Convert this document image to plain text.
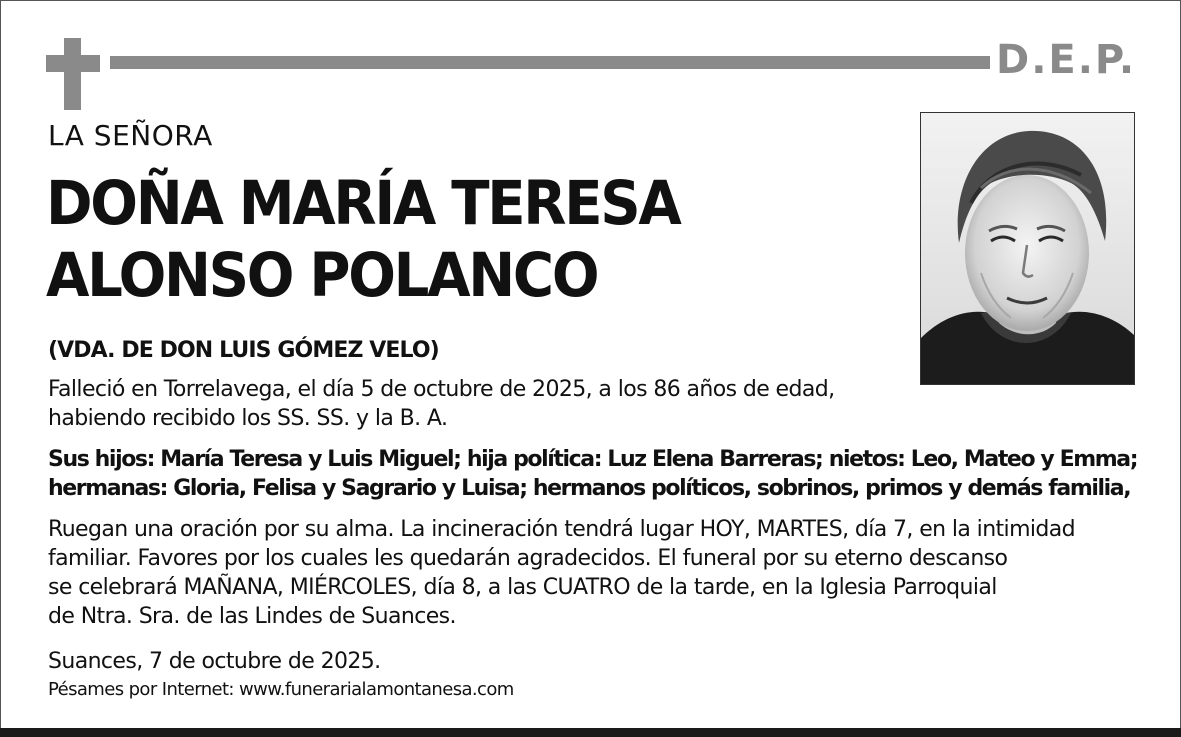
D.E.P.
LA SEÑORA
DOÑA MARÍA TERESA
ALONSO POLANCO
(VDA. DE DON LUIS GÓMEZ VELO)
Falleció en Torrelavega, el día 5 de octubre de 2025, a los 86 años de edad,
habiendo recibido los SS. SS. y la B. A.
Sus hijos: María Teresa y Luis Miguel; hija política: Luz Elena Barreras; nietos: Leo, Mateo y Emma;
hermanas: Gloria, Felisa y Sagrario y Luisa; hermanos políticos, sobrinos, primos y demás familia,
Ruegan una oración por su alma. La incineración tendrá lugar HOY, MARTES, día 7, en la intimidad
familiar. Favores por los cuales les quedarán agradecidos. El funeral por su eterno descanso
se celebrará MAÑANA, MIÉRCOLES, día 8, a las CUATRO de la tarde, en la Iglesia Parroquial
de Ntra. Sra. de las Lindes de Suances.
Suances, 7 de octubre de 2025.
Pésames por Internet: www.funerarialamontanesa.com
